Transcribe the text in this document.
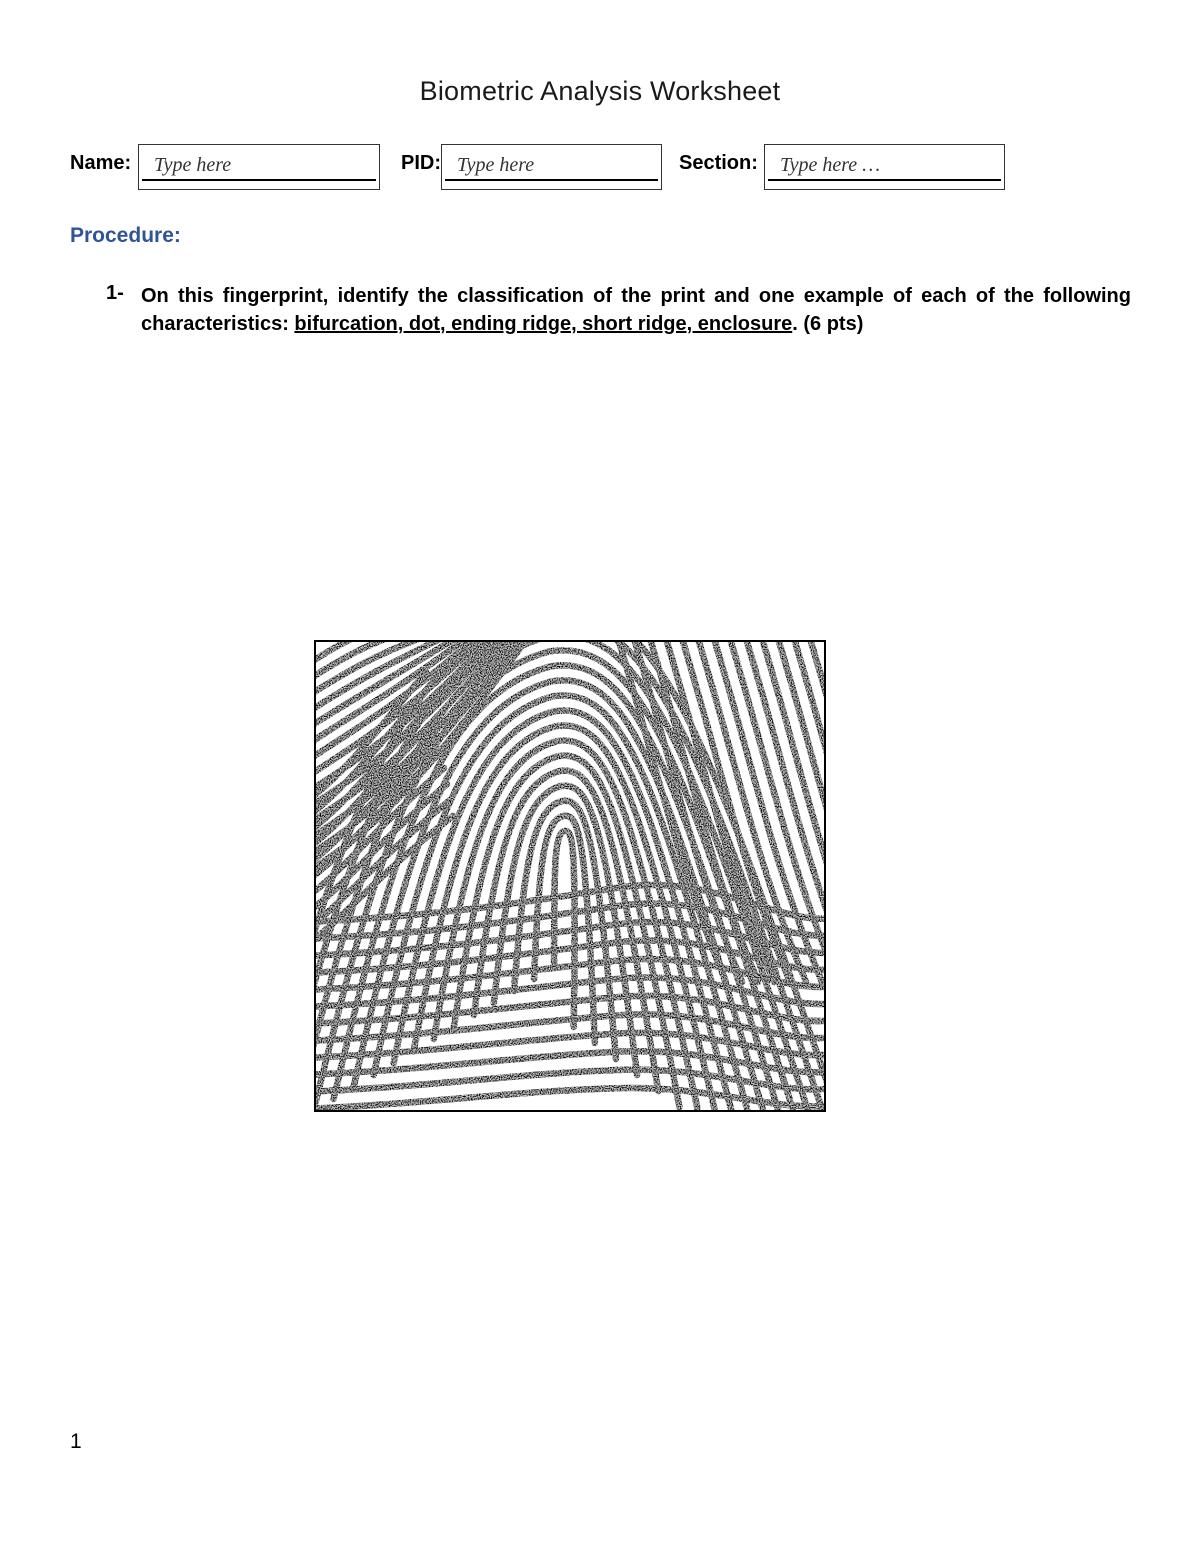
Biometric Analysis Worksheet
Name:
Type here	PID:
Type here	Section:
Type here …
Procedure:
1- On this fingerprint, identify the classification of the print and one example of each of the following characteristics: bifurcation, dot, ending ridge, short ridge, enclosure. (6 pts)
1
